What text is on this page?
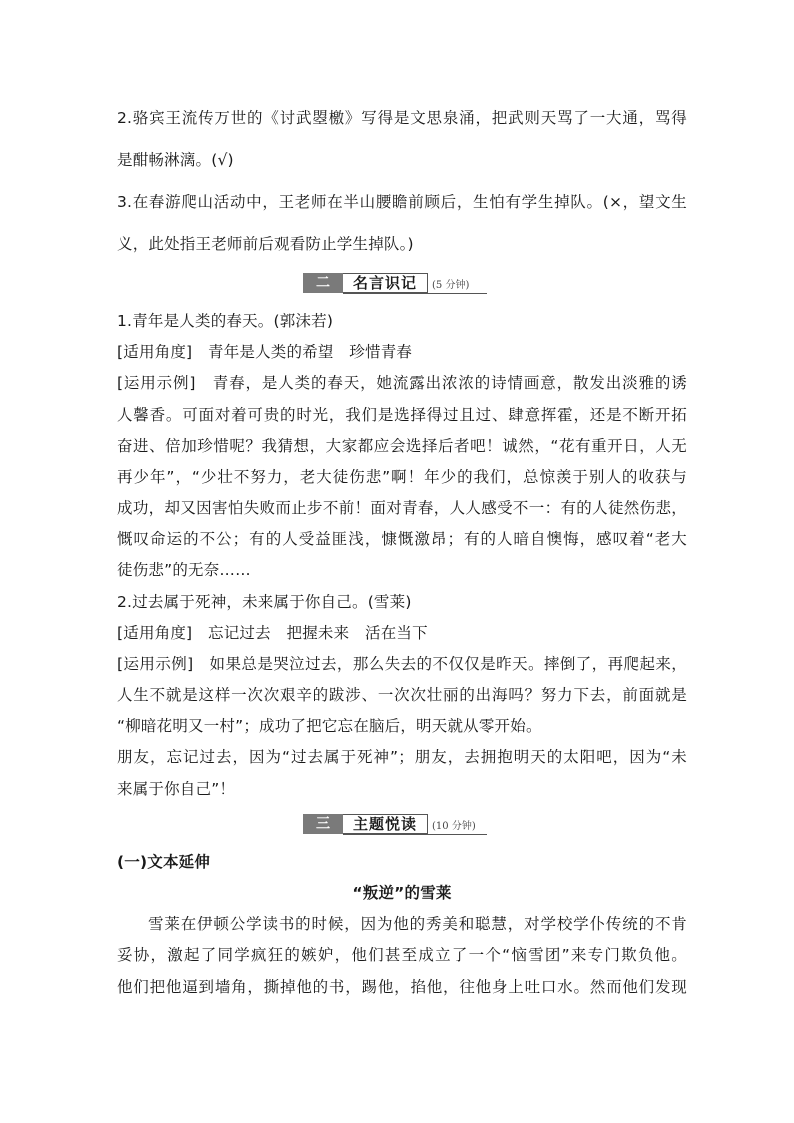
2.骆宾王流传万世的《讨武曌檄》写得是文思泉涌，把武则天骂了一大通，骂得
是酣畅淋漓。(√)
3.在春游爬山活动中，王老师在半山腰瞻前顾后，生怕有学生掉队。(×，望文生
义，此处指王老师前后观看防止学生掉队。)
二	名言识记	(5 分钟)
1.青年是人类的春天。(郭沫若)
[适用角度]　青年是人类的希望　珍惜青春
[运用示例]　青春，是人类的春天，她流露出浓浓的诗情画意，散发出淡雅的诱
人馨香。可面对着可贵的时光，我们是选择得过且过、肆意挥霍，还是不断开拓
奋进、倍加珍惜呢？我猜想，大家都应会选择后者吧！诚然，“花有重开日，人无
再少年”，“少壮不努力，老大徒伤悲”啊！年少的我们，总惊羡于别人的收获与
成功，却又因害怕失败而止步不前！面对青春，人人感受不一：有的人徒然伤悲，
慨叹命运的不公；有的人受益匪浅，慷慨激昂；有的人暗自懊悔，感叹着“老大
徒伤悲”的无奈……
2.过去属于死神，未来属于你自己。(雪莱)
[适用角度]　忘记过去　把握未来　活在当下
[运用示例]　如果总是哭泣过去，那么失去的不仅仅是昨天。摔倒了，再爬起来，
人生不就是这样一次次艰辛的跋涉、一次次壮丽的出海吗？努力下去，前面就是
“柳暗花明又一村”；成功了把它忘在脑后，明天就从零开始。
朋友，忘记过去，因为“过去属于死神”；朋友，去拥抱明天的太阳吧，因为“未
来属于你自己”！
三	主题悦读	(10 分钟)
(一)文本延伸
“叛逆”的雪莱
雪莱在伊顿公学读书的时候，因为他的秀美和聪慧，对学校学仆传统的不肯
妥协，激起了同学疯狂的嫉妒，他们甚至成立了一个“恼雪团”来专门欺负他。
他们把他逼到墙角，撕掉他的书，踢他，掐他，往他身上吐口水。然而他们发现
